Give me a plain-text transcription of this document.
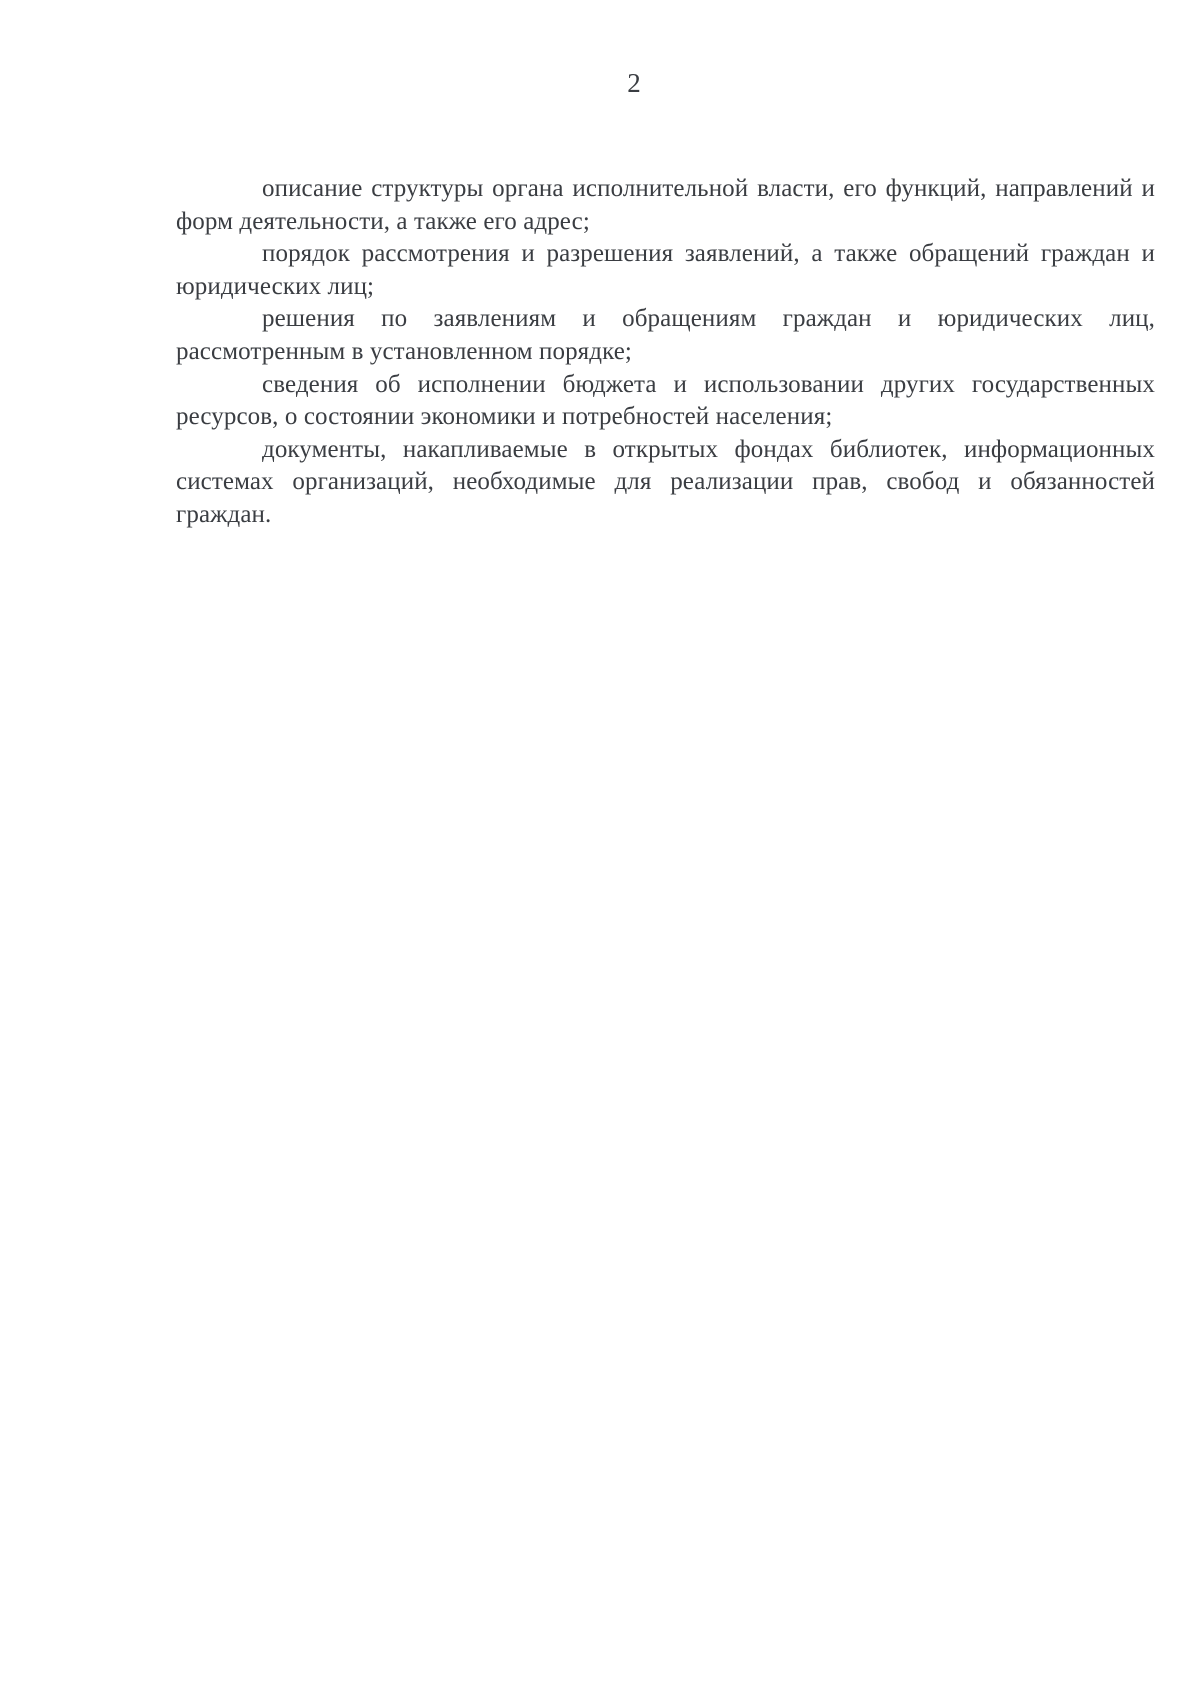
2

описание структуры органа исполнительной власти, его функций, направлений и форм деятельности, а также его адрес;

порядок рассмотрения и разрешения заявлений, а также обращений граждан и юридических лиц;

решения по заявлениям и обращениям граждан и юридических лиц, рассмотренным в установленном порядке;

сведения об исполнении бюджета и использовании других государственных ресурсов, о состоянии экономики и потребностей населения;

документы, накапливаемые в открытых фондах библиотек, информационных системах организаций, необходимые для реализации прав, свобод и обязанностей граждан.
